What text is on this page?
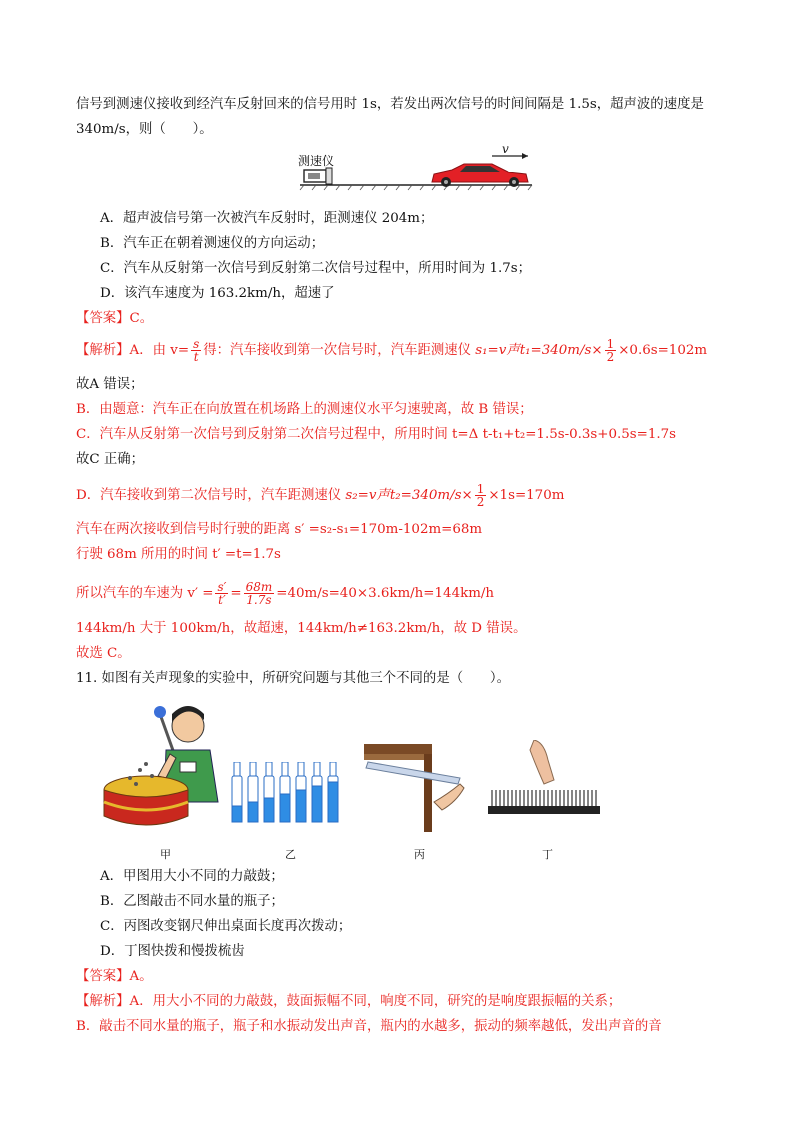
信号到测速仪接收到经汽车反射回来的信号用时 1s，若发出两次信号的时间间隔是 1.5s，超声波的速度是
340m/s，则（　　）。
测速仪
v
A．超声波信号第一次被汽车反射时，距测速仪 204m；
B．汽车正在朝着测速仪的方向运动；
C．汽车从反射第一次信号到反射第二次信号过程中，所用时间为 1.7s；
D．该汽车速度为 163.2km/h，超速了
【答案】C。
【解析】A．由 $v= \frac{s}{t}$ 得：汽车接收到第一次信号时，汽车距测速仪 s₁=v声$t_1=340m/s\times \frac{1}{2} \times 0.6s=102m$
故A 错误；
B．由题意：汽车正在向放置在机场路上的测速仪水平匀速驶离，故 B 错误；
C．汽车从反射第一次信号到反射第二次信号过程中，所用时间 t=Δ t-t₁+t₂=1.5s-0.3s+0.5s=1.7s
故C 正确；
D．汽车接收到第二次信号时，汽车距测速仪 s₂=v声$t_2=340m/s\times \frac{1}{2} \times 1s=170m$
汽车在两次接收到信号时行驶的距离 s′ =s₂-s₁=170m-102m=68m
行驶 68m 所用的时间 t′ =t=1.7s
所以汽车的车速为 $v' = \frac{s'}{t'} = \frac{68m}{1.7s} =40m/s=40\times 3.6km/h=144km/h$
144km/h 大于 100km/h，故超速，144km/h≠163.2km/h，故 D 错误。
故选 C。
11. 如图有关声现象的实验中，所研究问题与其他三个不同的是（　　）。
甲	乙	丙	丁
A．甲图用大小不同的力敲鼓；
B．乙图敲击不同水量的瓶子；
C．丙图改变钢尺伸出桌面长度再次拨动；
D．丁图快拨和慢拨梳齿
【答案】A。
【解析】A．用大小不同的力敲鼓，鼓面振幅不同，响度不同，研究的是响度跟振幅的关系；
B．敲击不同水量的瓶子，瓶子和水振动发出声音，瓶内的水越多，振动的频率越低，发出声音的音
